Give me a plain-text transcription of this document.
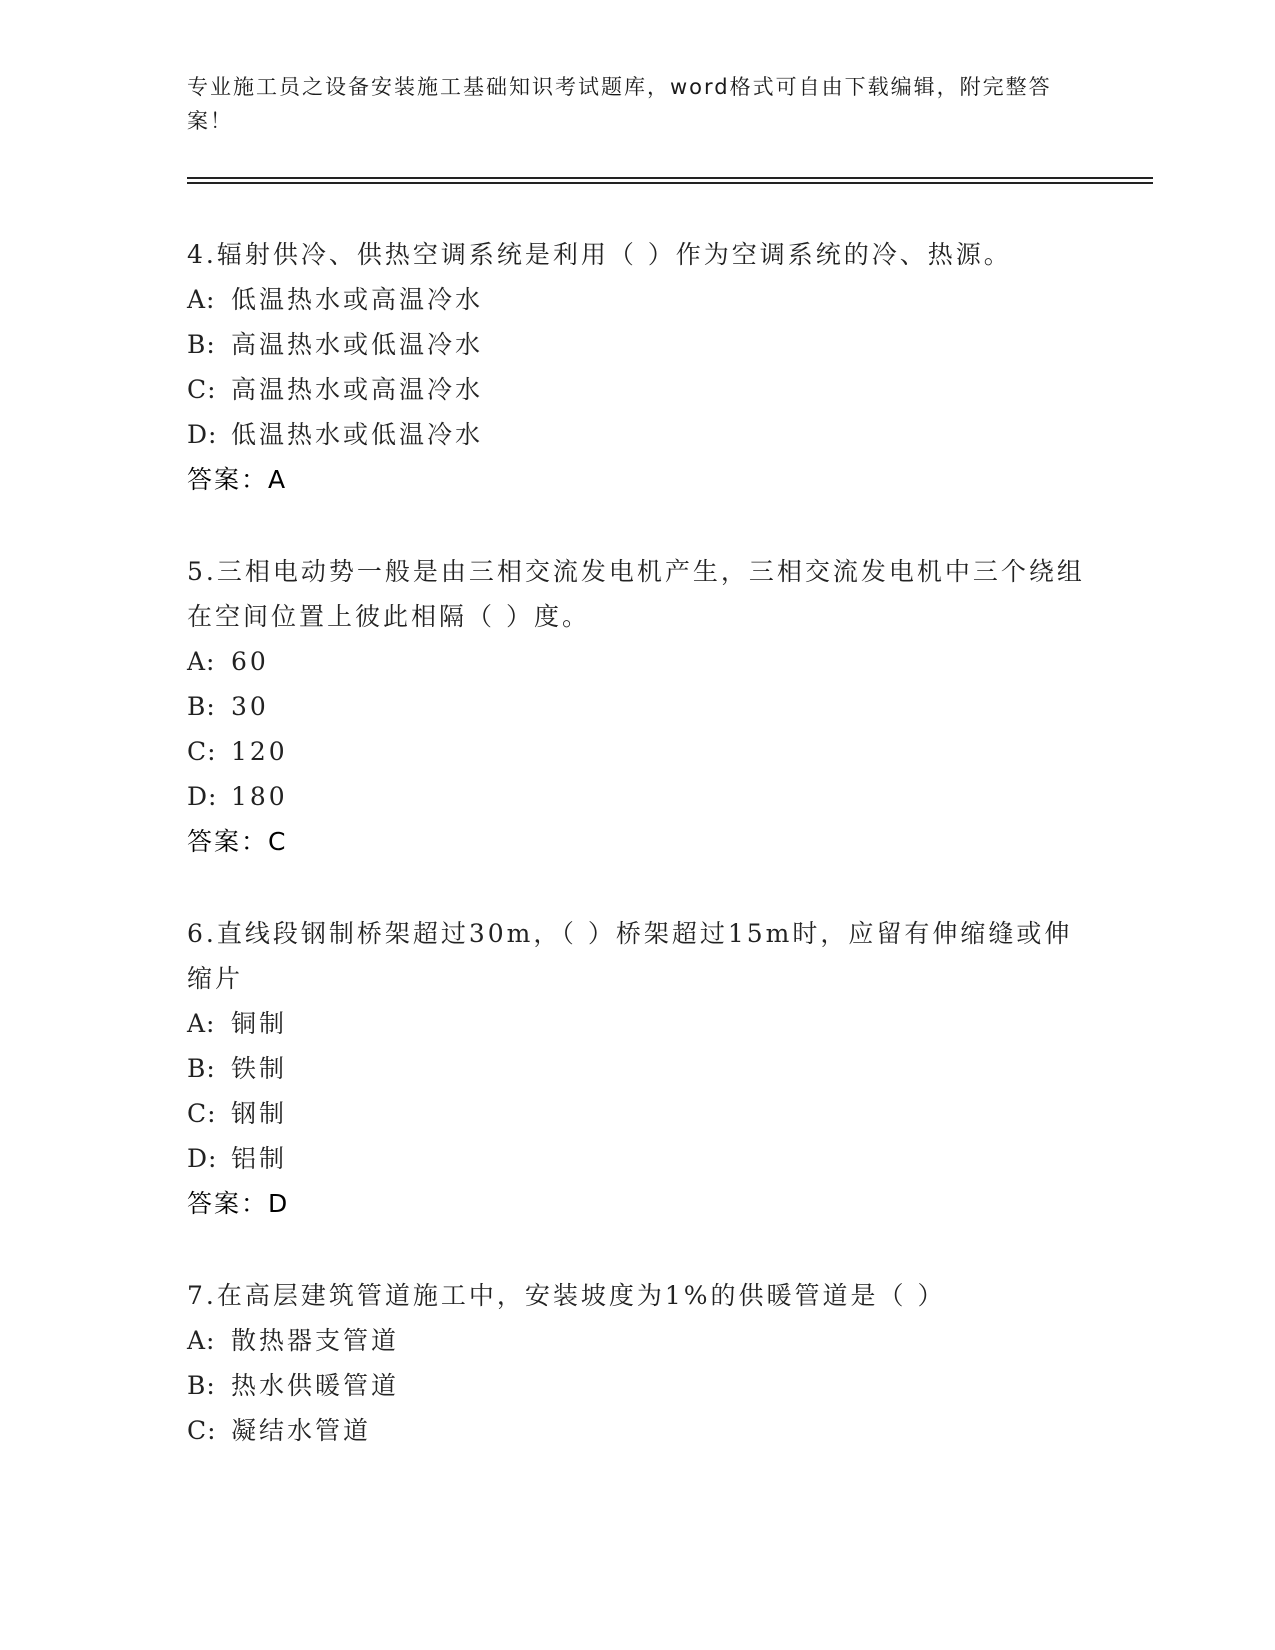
专业施工员之设备安装施工基础知识考试题库，word格式可自由下载编辑，附完整答案！

4.辐射供冷、供热空调系统是利用（ ）作为空调系统的冷、热源。

A: 低温热水或高温冷水

B: 高温热水或低温冷水

C: 高温热水或高温冷水

D: 低温热水或低温冷水

答案：A

5.三相电动势一般是由三相交流发电机产生，三相交流发电机中三个绕组在空间位置上彼此相隔（ ）度。

A: 60

B: 30

C: 120

D: 180

答案：C

6.直线段钢制桥架超过30m，（ ）桥架超过15m时，应留有伸缩缝或伸缩片

A: 铜制

B: 铁制

C: 钢制

D: 铝制

答案：D

7.在高层建筑管道施工中，安装坡度为1%的供暖管道是（ ）

A: 散热器支管道

B: 热水供暖管道

C: 凝结水管道
